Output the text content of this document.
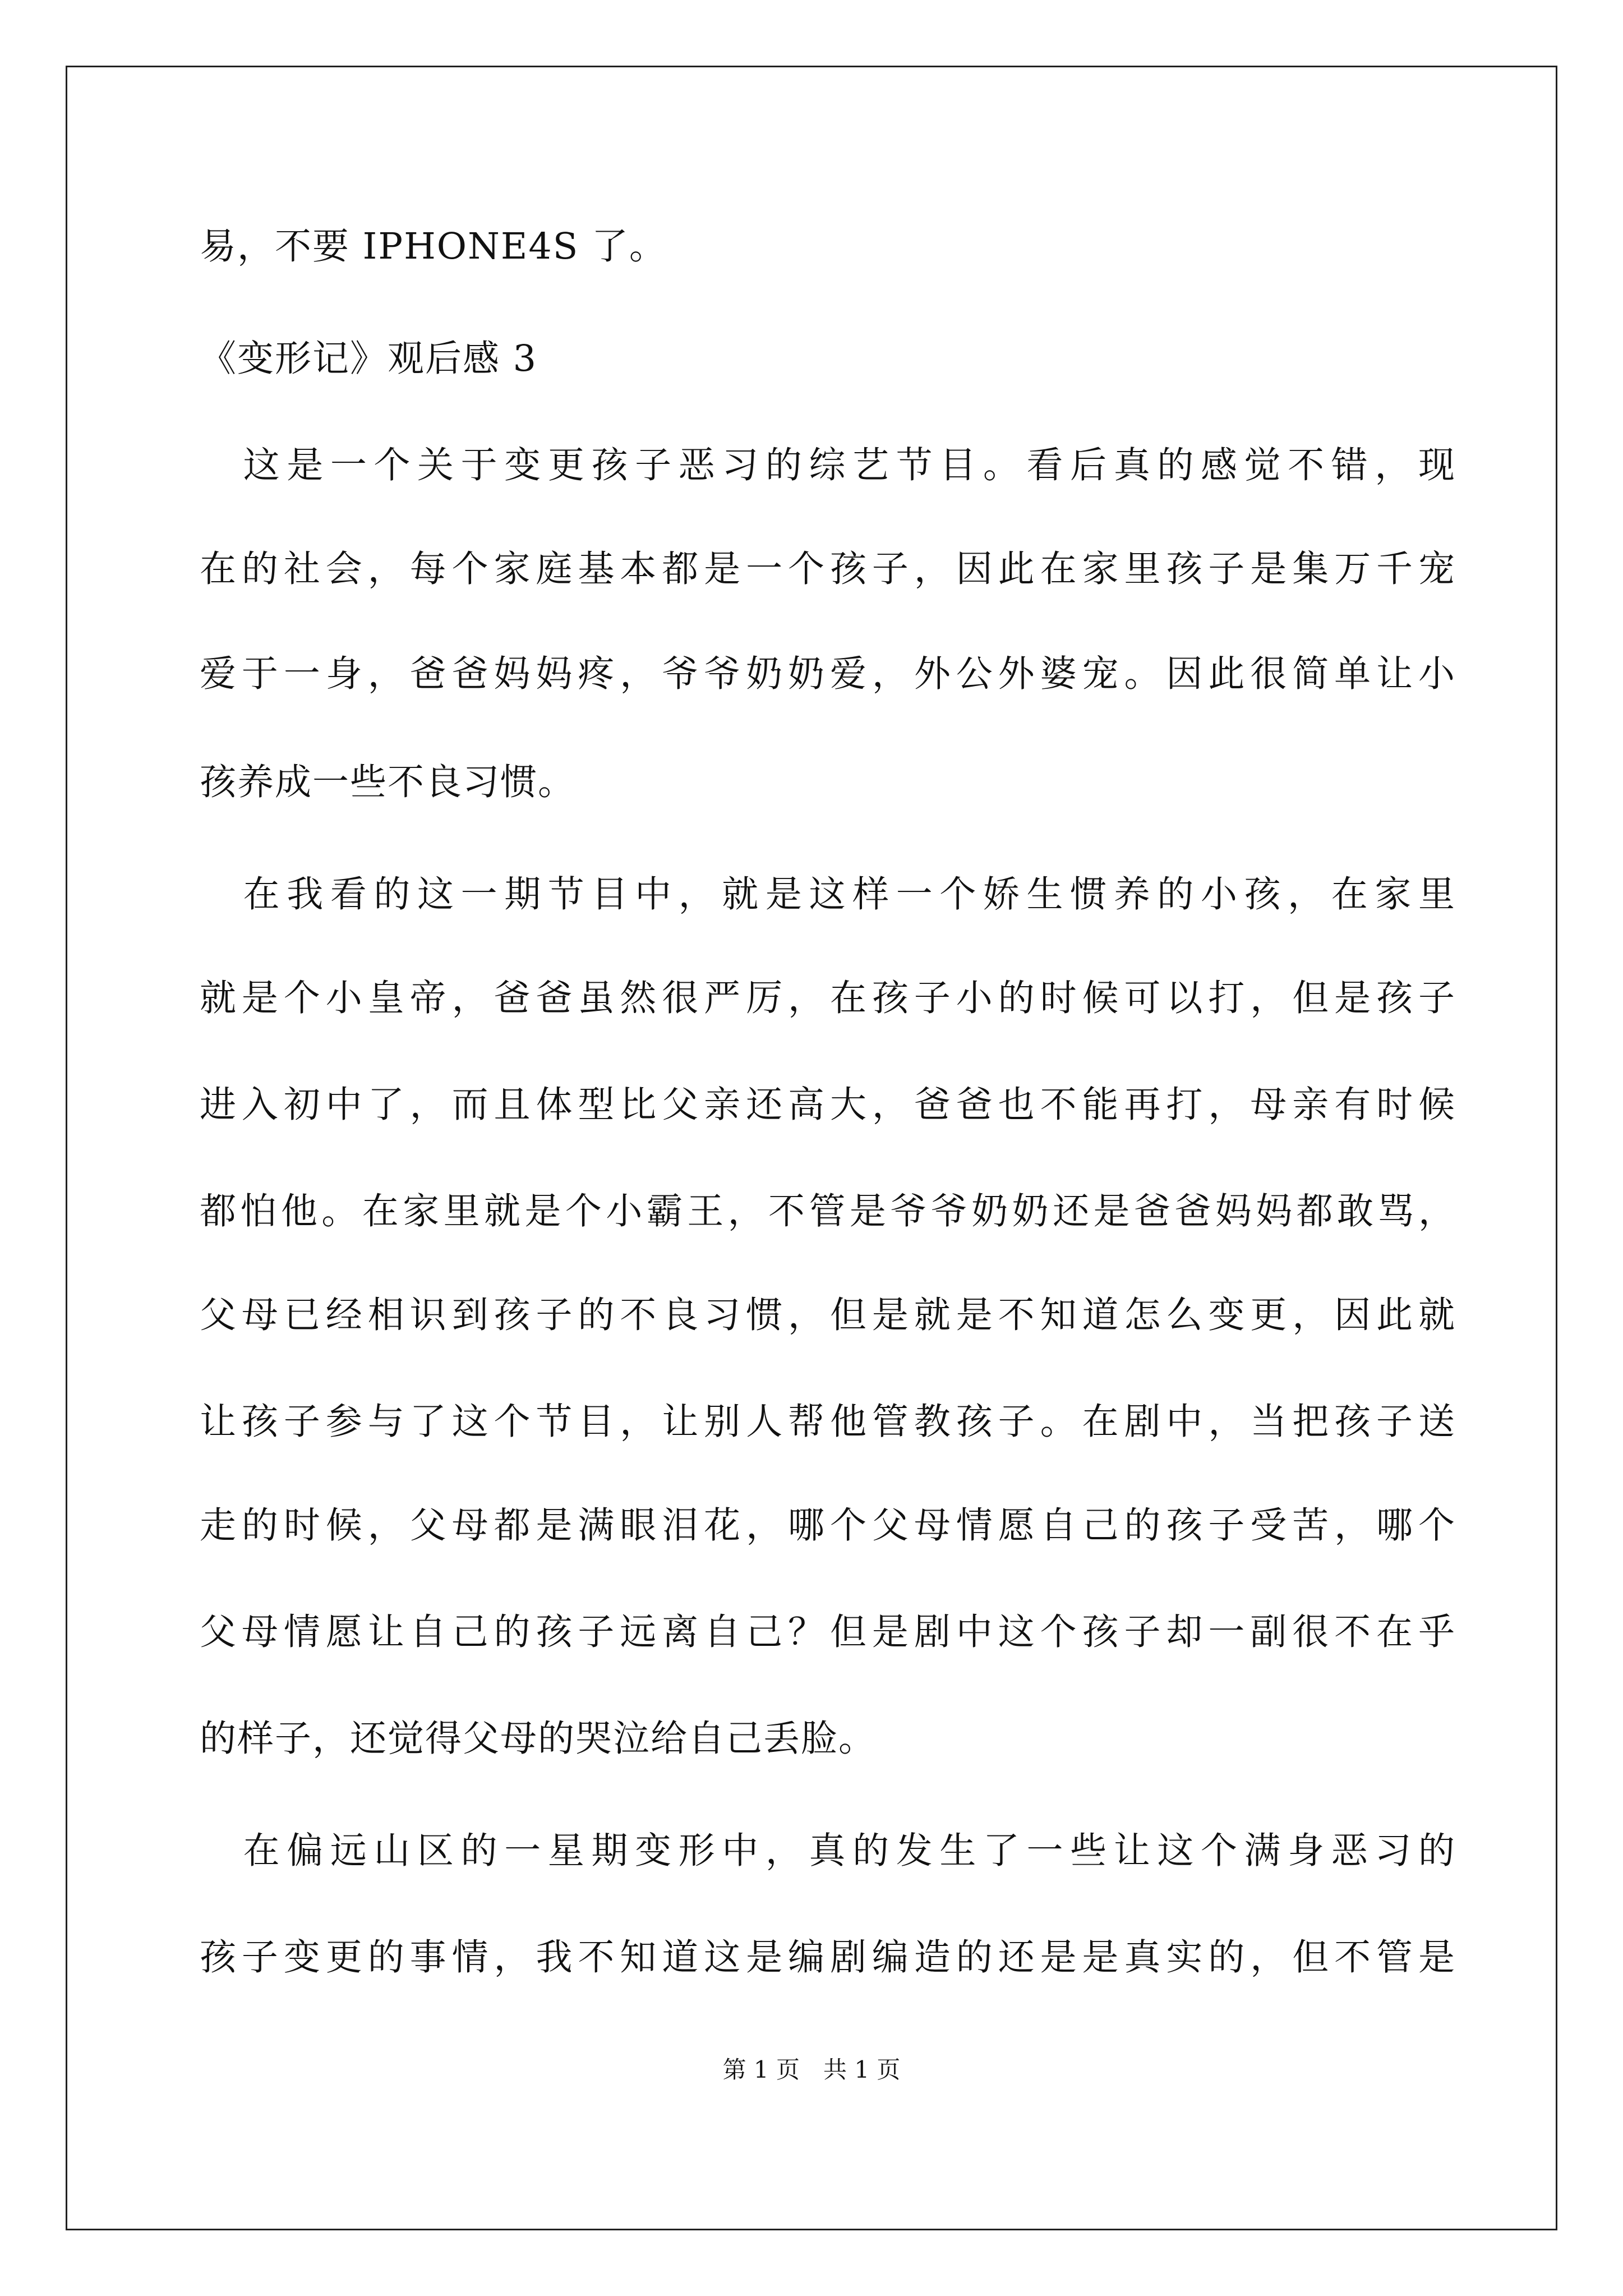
易，不要 IPHONE4S 了。
《变形记》观后感 3
　这是一个关于变更孩子恶习的综艺节目。看后真的感觉不错，现
在的社会，每个家庭基本都是一个孩子，因此在家里孩子是集万千宠
爱于一身，爸爸妈妈疼，爷爷奶奶爱，外公外婆宠。因此很简单让小
孩养成一些不良习惯。
　在我看的这一期节目中，就是这样一个娇生惯养的小孩，在家里
就是个小皇帝，爸爸虽然很严厉，在孩子小的时候可以打，但是孩子
进入初中了，而且体型比父亲还高大，爸爸也不能再打，母亲有时候
都怕他。在家里就是个小霸王，不管是爷爷奶奶还是爸爸妈妈都敢骂，
父母已经相识到孩子的不良习惯，但是就是不知道怎么变更，因此就
让孩子参与了这个节目，让别人帮他管教孩子。在剧中，当把孩子送
走的时候，父母都是满眼泪花，哪个父母情愿自己的孩子受苦，哪个
父母情愿让自己的孩子远离自己？但是剧中这个孩子却一副很不在乎
的样子，还觉得父母的哭泣给自己丢脸。
　在偏远山区的一星期变形中，真的发生了一些让这个满身恶习的
孩子变更的事情，我不知道这是编剧编造的还是是真实的，但不管是
第 1 页　共 1 页
